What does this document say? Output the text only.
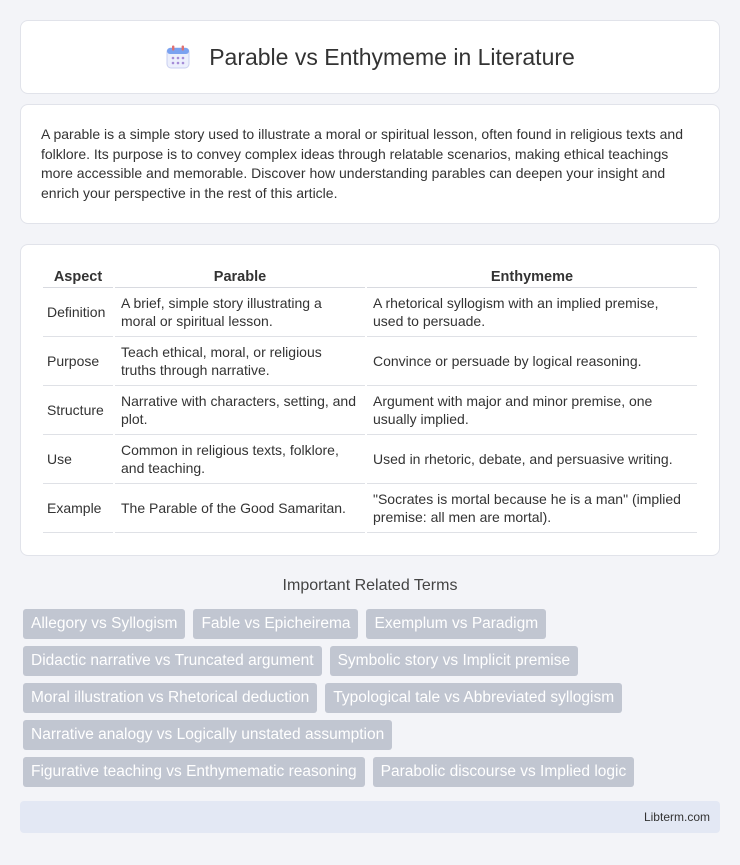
Parable vs Enthymeme in Literature

A parable is a simple story used to illustrate a moral or spiritual lesson, often found in religious texts and folklore. Its purpose is to convey complex ideas through relatable scenarios, making ethical teachings more accessible and memorable. Discover how understanding parables can deepen your insight and enrich your perspective in the rest of this article.

Aspect	Parable	Enthymeme
Definition	A brief, simple story illustrating a moral or spiritual lesson.	A rhetorical syllogism with an implied premise, used to persuade.
Purpose	Teach ethical, moral, or religious truths through narrative.	Convince or persuade by logical reasoning.
Structure	Narrative with characters, setting, and plot.	Argument with major and minor premise, one usually implied.
Use	Common in religious texts, folklore, and teaching.	Used in rhetoric, debate, and persuasive writing.
Example	The Parable of the Good Samaritan.	"Socrates is mortal because he is a man" (implied premise: all men are mortal).
Important Related Terms
Allegory vs Syllogism	Fable vs Epicheirema	Exemplum vs Paradigm
Didactic narrative vs Truncated argument	Symbolic story vs Implicit premise
Moral illustration vs Rhetorical deduction	Typological tale vs Abbreviated syllogism
Narrative analogy vs Logically unstated assumption
Figurative teaching vs Enthymematic reasoning	Parabolic discourse vs Implied logic
Libterm.com
